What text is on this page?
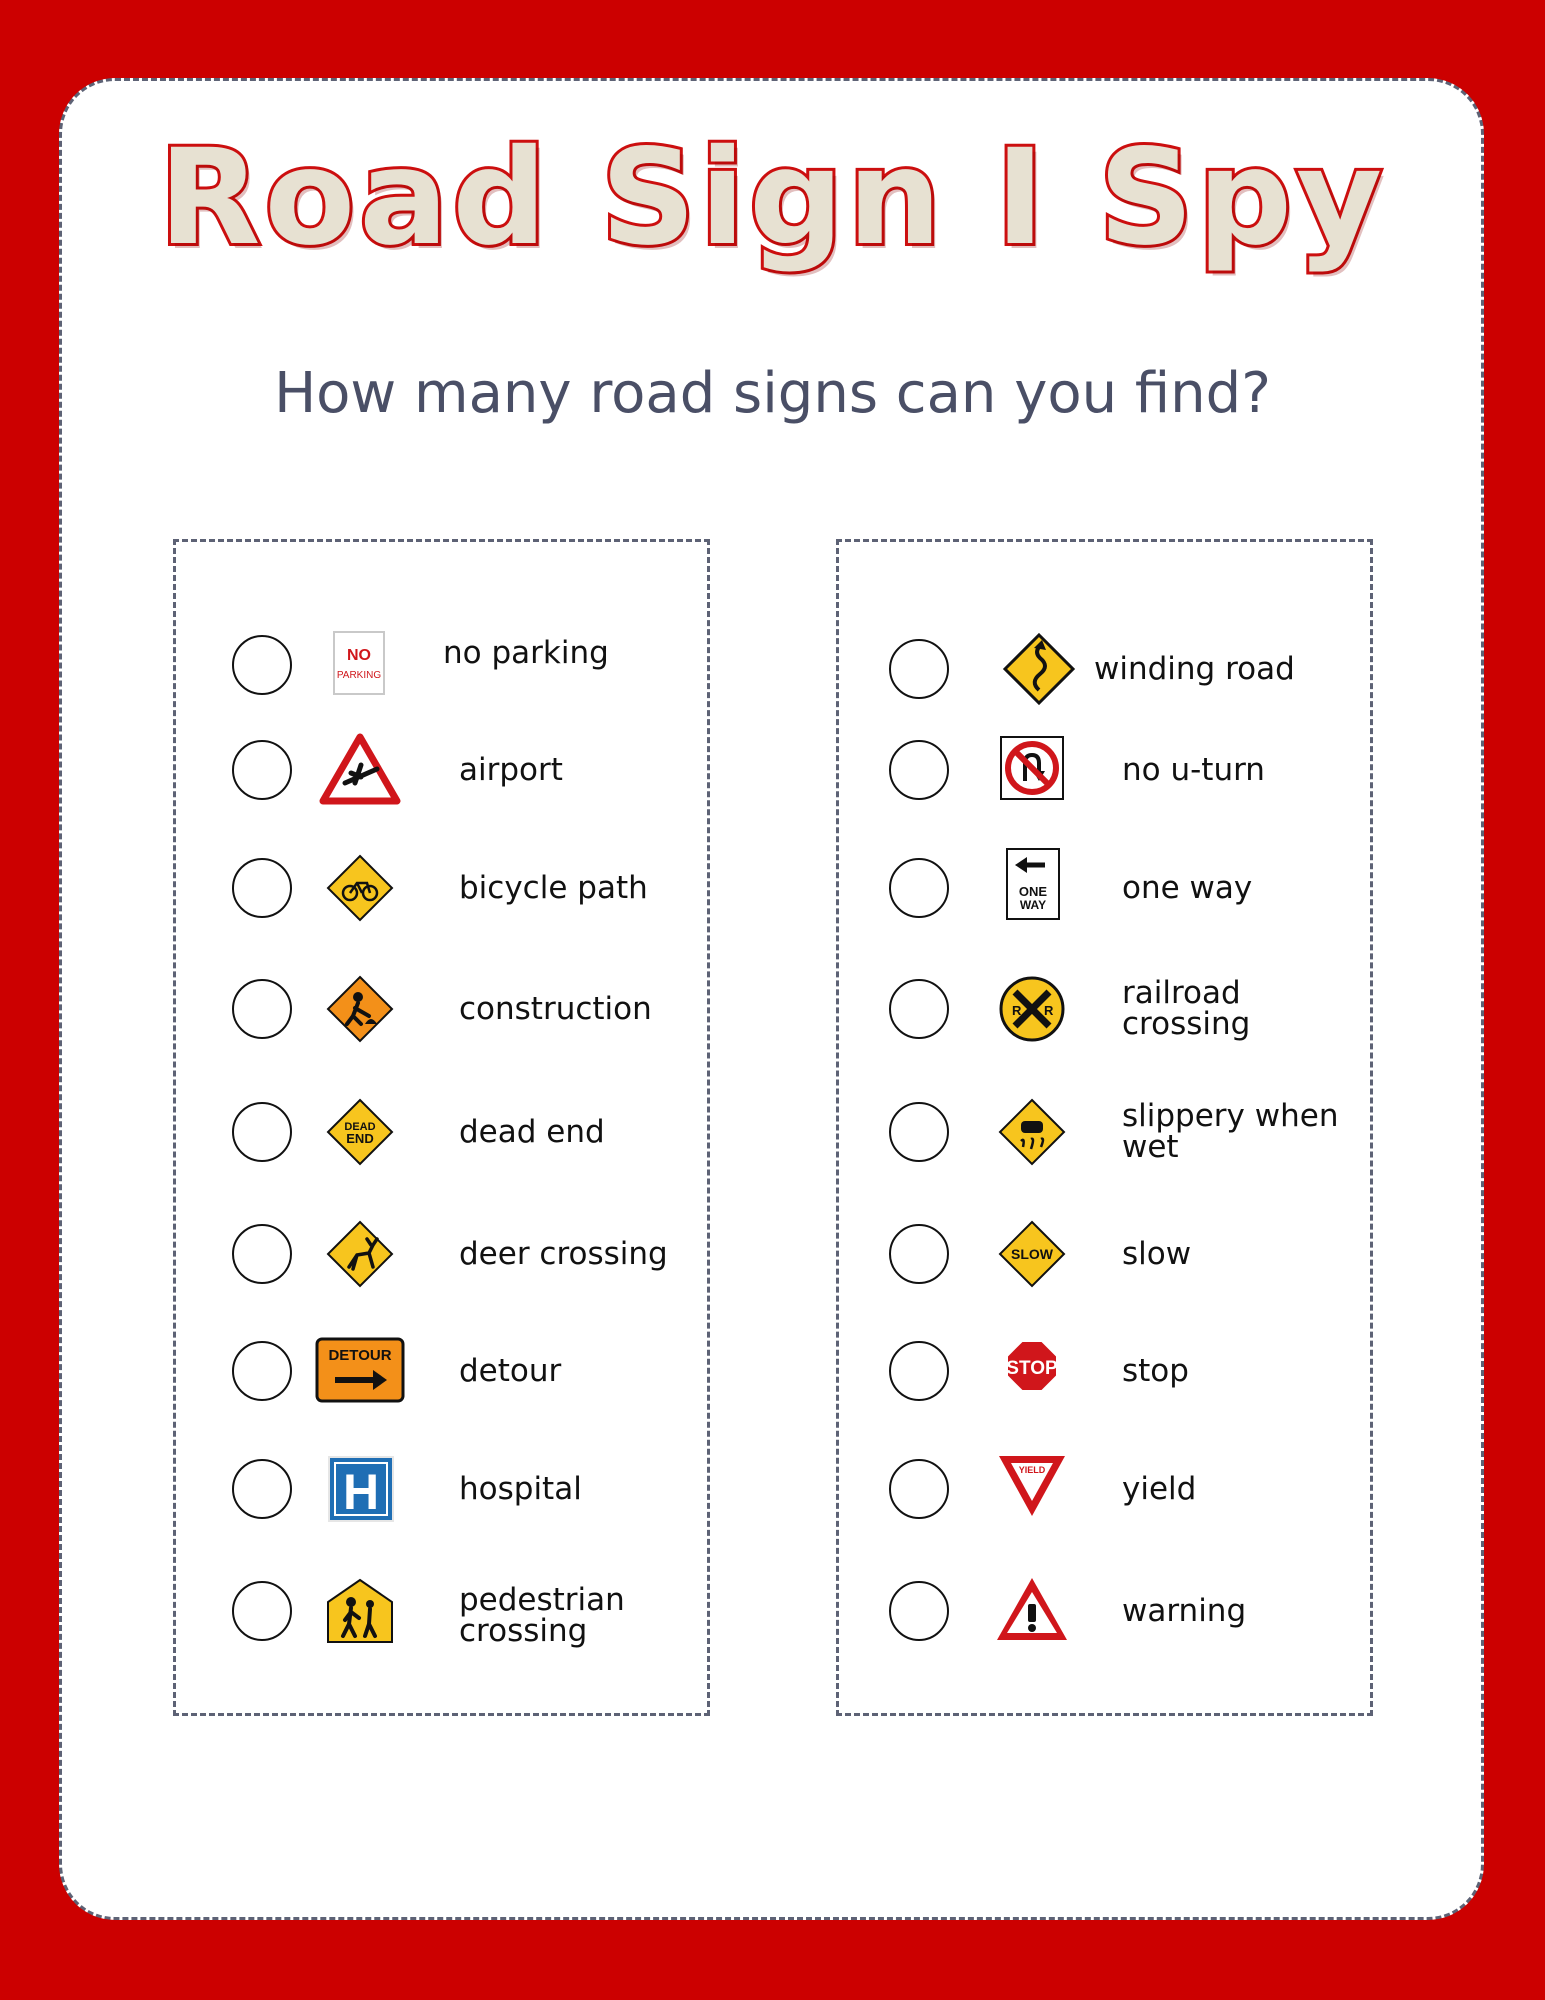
Road Sign I Spy
How many road signs can you find?
NO
PARKING
no parking
airport
bicycle path
construction
DEAD
END	dead end
deer crossing
DETOUR detour
H	hospital
pedestrian crossing
winding road
no u-turn
ONE
WAY one way
R R railroad crossing
slippery when wet
SLOW slow
STOP stop
YIELD
yield
warning
